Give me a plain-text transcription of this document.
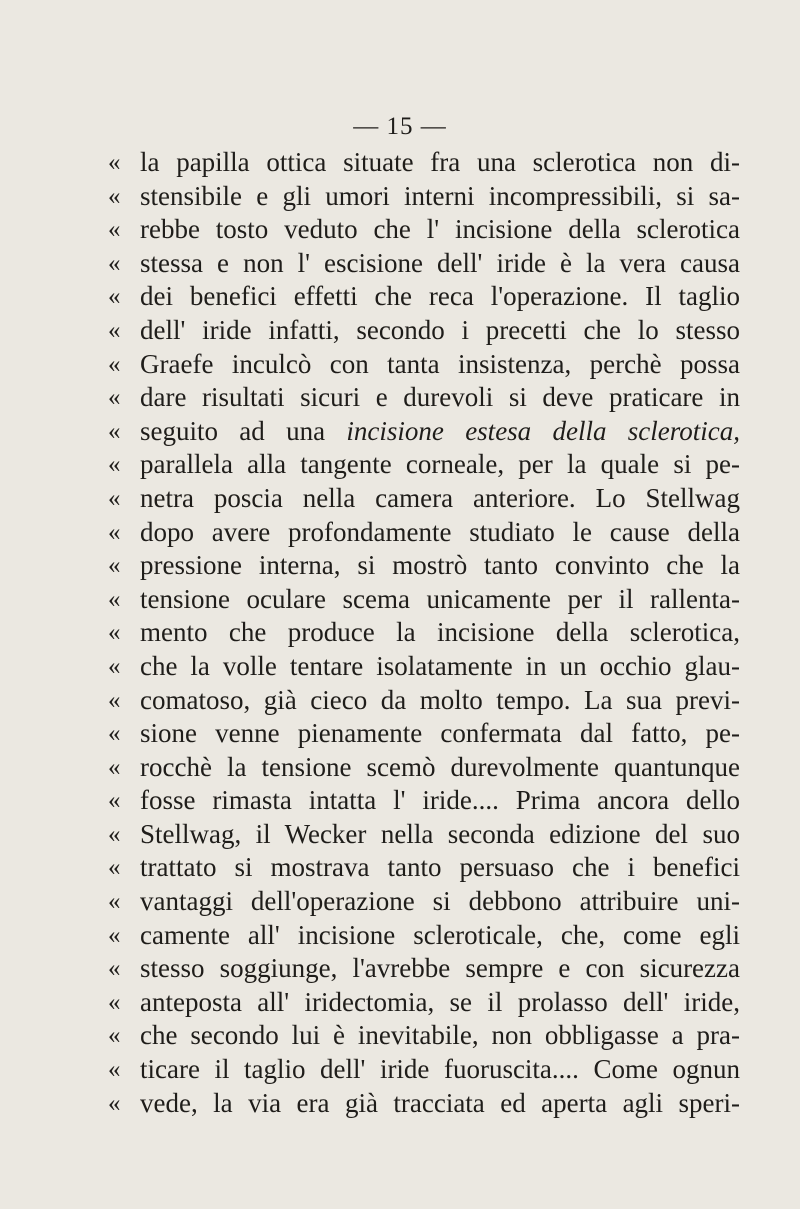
— 15 —
« la papilla ottica situate fra una sclerotica non di-
« stensibile e gli umori interni incompressibili, si sa-
« rebbe tosto veduto che l' incisione della sclerotica
« stessa e non l' escisione dell' iride è la vera causa
« dei benefici effetti che reca l'operazione. Il taglio
« dell' iride infatti, secondo i precetti che lo stesso
« Graefe inculcò con tanta insistenza, perchè possa
« dare risultati sicuri e durevoli si deve praticare in
« seguito ad una incisione estesa della sclerotica,
« parallela alla tangente corneale, per la quale si pe-
« netra poscia nella camera anteriore. Lo Stellwag
« dopo avere profondamente studiato le cause della
« pressione interna, si mostrò tanto convinto che la
« tensione oculare scema unicamente per il rallenta-
« mento che produce la incisione della sclerotica,
« che la volle tentare isolatamente in un occhio glau-
« comatoso, già cieco da molto tempo. La sua previ-
« sione venne pienamente confermata dal fatto, pe-
« rocchè la tensione scemò durevolmente quantunque
« fosse rimasta intatta l' iride.... Prima ancora dello
« Stellwag, il Wecker nella seconda edizione del suo
« trattato si mostrava tanto persuaso che i benefici
« vantaggi dell'operazione si debbono attribuire uni-
« camente all' incisione scleroticale, che, come egli
« stesso soggiunge, l'avrebbe sempre e con sicurezza
« anteposta all' iridectomia, se il prolasso dell' iride,
« che secondo lui è inevitabile, non obbligasse a pra-
« ticare il taglio dell' iride fuoruscita.... Come ognun
« vede, la via era già tracciata ed aperta agli speri-
